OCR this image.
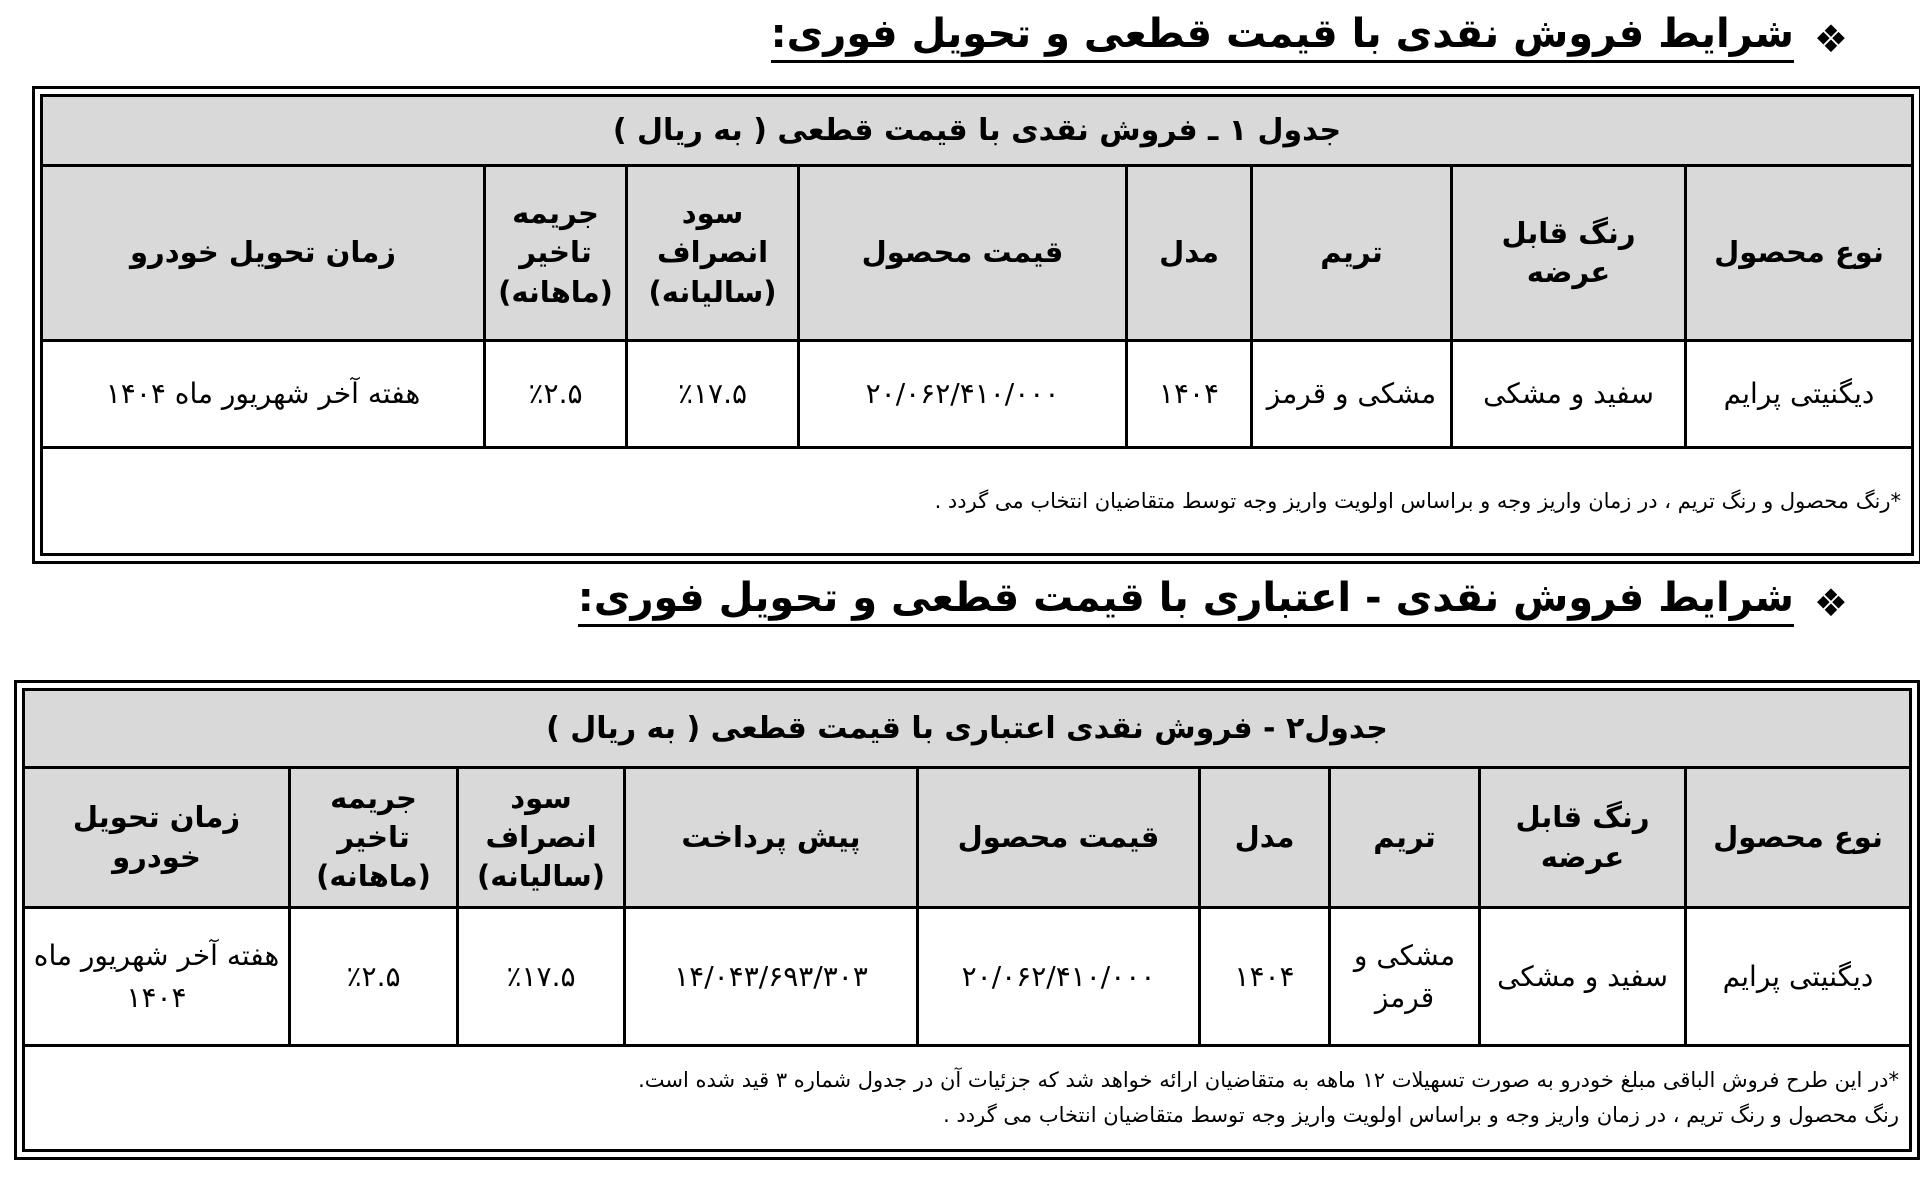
❖
شرایط فروش نقدی با قیمت قطعی و تحویل فوری:
جدول ۱ ـ فروش نقدی با قیمت قطعی ( به ریال )							
نوع محصول	رنگ قابل عرضه	تریم	مدل	قیمت محصول	سود انصراف (سالیانه)	جریمه تاخیر (ماهانه)	زمان تحویل خودرو
دیگنیتی پرایم	سفید و مشکی	مشکی و قرمز	۱۴۰۴	۲۰/۰۶۲/۴۱۰/۰۰۰	٪۱۷.۵	٪۲.۵	هفته آخر شهریور ماه ۱۴۰۴

*رنگ محصول و رنگ تریم ، در زمان واریز وجه و براساس اولویت واریز وجه توسط متقاضیان انتخاب می گردد .							
❖
شرایط فروش نقدی - اعتباری با قیمت قطعی و تحویل فوری:
جدول۲ - فروش نقدی اعتباری با قیمت قطعی ( به ریال )								
نوع محصول	رنگ قابل عرضه	تریم	مدل	قیمت محصول	پیش پرداخت	سود انصراف (سالیانه)	جریمه تاخیر (ماهانه)	زمان تحویل خودرو
دیگنیتی پرایم	سفید و مشکی	مشکی و قرمز	۱۴۰۴	۲۰/۰۶۲/۴۱۰/۰۰۰	۱۴/۰۴۳/۶۹۳/۳۰۳	٪۱۷.۵	٪۲.۵	هفته آخر شهریور ماه ۱۴۰۴

*در این طرح فروش الباقی مبلغ خودرو به صورت تسهیلات ۱۲ ماهه به متقاضیان ارائه خواهد شد که جزئیات آن در جدول شماره ۳ قید شده است.
رنگ محصول و رنگ تریم ، در زمان واریز وجه و براساس اولویت واریز وجه توسط متقاضیان انتخاب می گردد .								
